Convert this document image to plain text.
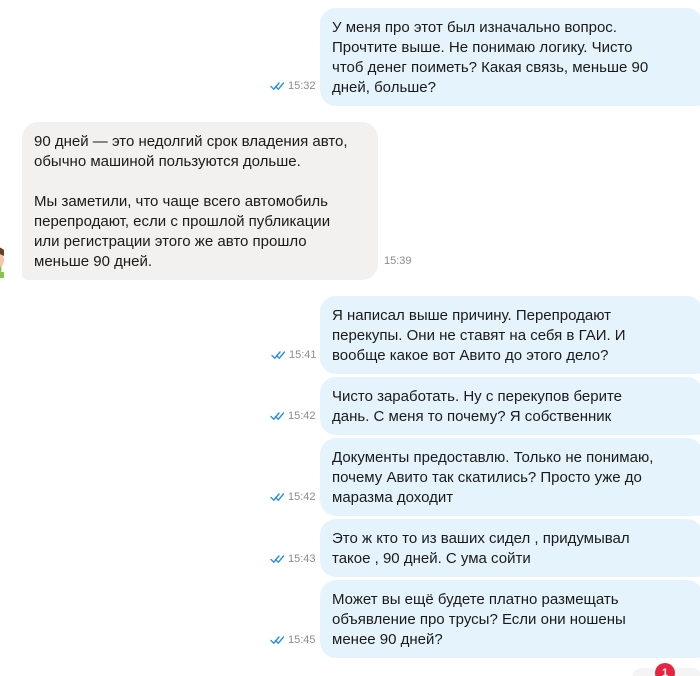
У меня про этот был изначально вопрос.
Прочтите выше. Не понимаю логику. Чисто
чтоб денег поиметь? Какая связь, меньше 90
дней, больше?
15:32
90 дней — это недолгий срок владения авто,
обычно машиной пользуются дольше.

Мы заметили, что чаще всего автомобиль
перепродают, если с прошлой публикации
или регистрации этого же авто прошло
меньше 90 дней.	15:39
Я написал выше причину. Перепродают
перекупы. Они не ставят на себя в ГАИ. И
вообще какое вот Авито до этого дело?
15:41
Чисто заработать. Ну с перекупов берите
дань. С меня то почему? Я собственник
15:42
Документы предоставлю. Только не понимаю,
почему Авито так скатились? Просто уже до
маразма доходит
15:42
Это ж кто то из ваших сидел , придумывал
такое , 90 дней. С ума сойти
15:43
Может вы ещё будете платно размещать
объявление про трусы? Если они ношены
менее 90 дней?
15:45
1
